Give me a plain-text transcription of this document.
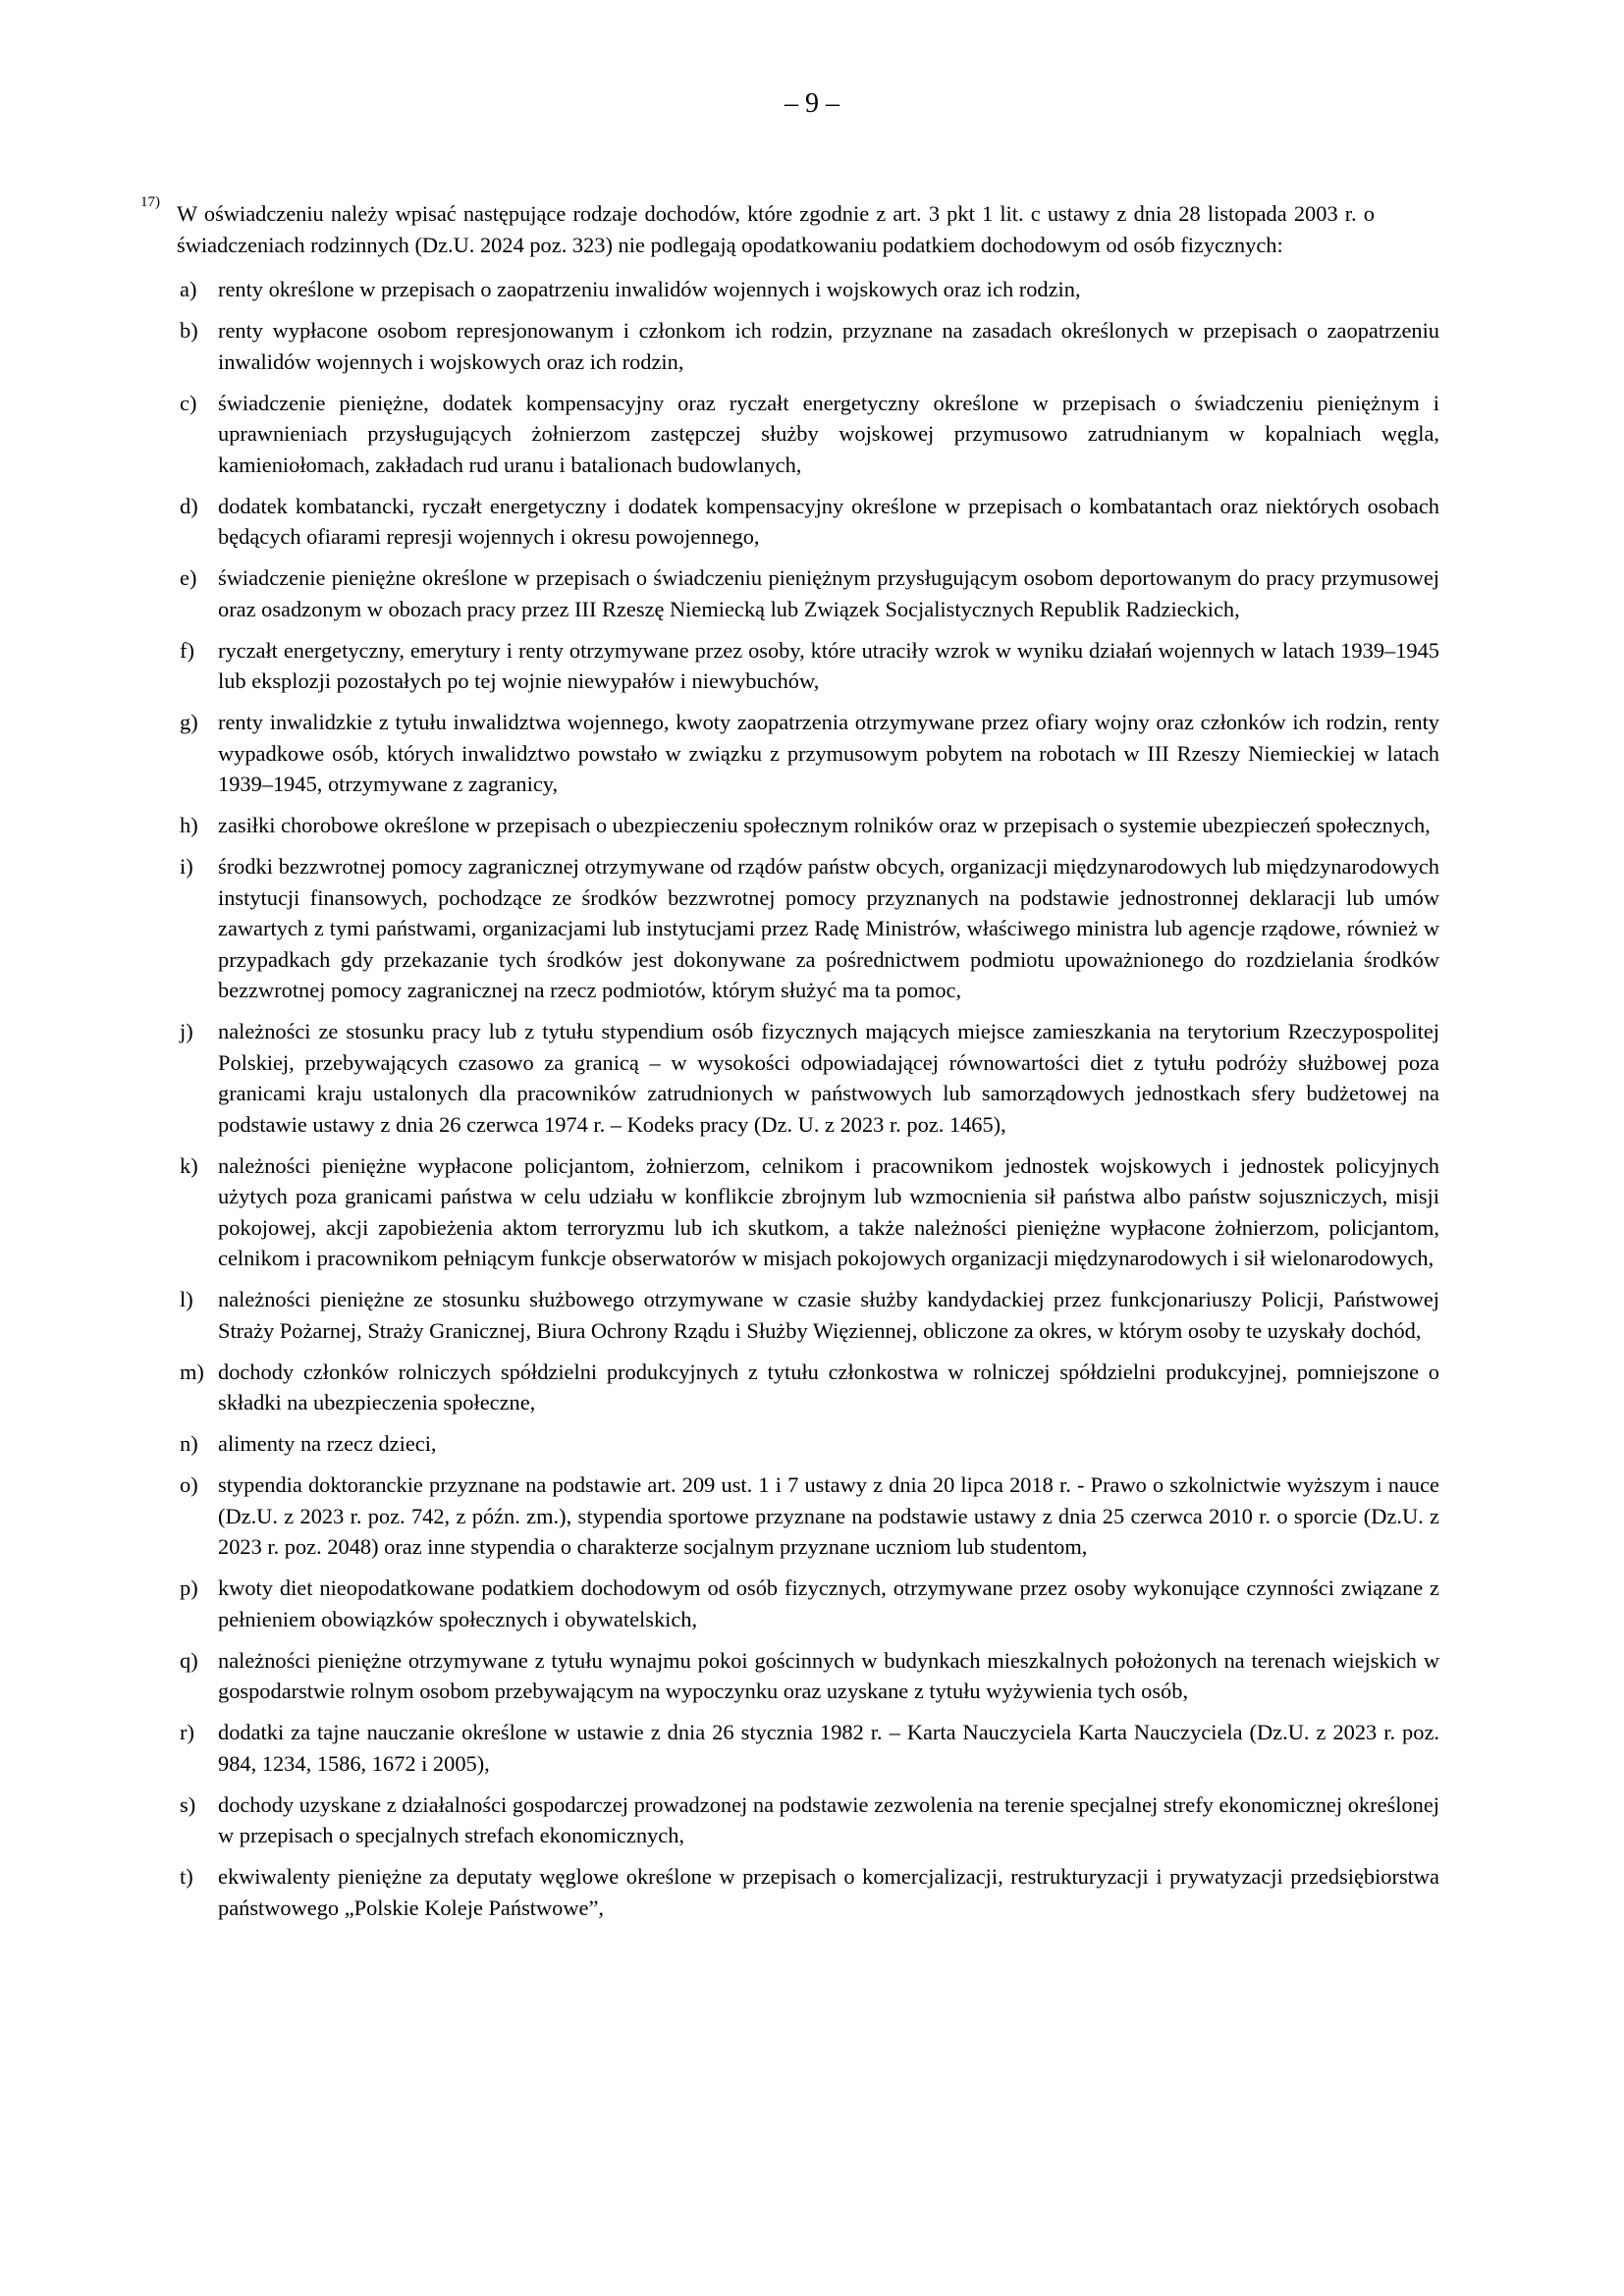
– 9 –

17) W oświadczeniu należy wpisać następujące rodzaje dochodów, które zgodnie z art. 3 pkt 1 lit. c ustawy z dnia 28 listopada 2003 r. o świadczeniach rodzinnych (Dz.U. 2024 poz. 323) nie podlegają opodatkowaniu podatkiem dochodowym od osób fizycznych:

a) renty określone w przepisach o zaopatrzeniu inwalidów wojennych i wojskowych oraz ich rodzin,
b) renty wypłacone osobom represjonowanym i członkom ich rodzin, przyznane na zasadach określonych w przepisach o zaopatrzeniu inwalidów wojennych i wojskowych oraz ich rodzin,
c) świadczenie pieniężne, dodatek kompensacyjny oraz ryczałt energetyczny określone w przepisach o świadczeniu pieniężnym i uprawnieniach przysługujących żołnierzom zastępczej służby wojskowej przymusowo zatrudnianym w kopalniach węgla, kamieniołomach, zakładach rud uranu i batalionach budowlanych,
d) dodatek kombatancki, ryczałt energetyczny i dodatek kompensacyjny określone w przepisach o kombatantach oraz niektórych osobach będących ofiarami represji wojennych i okresu powojennego,
e) świadczenie pieniężne określone w przepisach o świadczeniu pieniężnym przysługującym osobom deportowanym do pracy przymusowej oraz osadzonym w obozach pracy przez III Rzeszę Niemiecką lub Związek Socjalistycznych Republik Radzieckich,
f) ryczałt energetyczny, emerytury i renty otrzymywane przez osoby, które utraciły wzrok w wyniku działań wojennych w latach 1939–1945 lub eksplozji pozostałych po tej wojnie niewypałów i niewybuchów,
g) renty inwalidzkie z tytułu inwalidztwa wojennego, kwoty zaopatrzenia otrzymywane przez ofiary wojny oraz członków ich rodzin, renty wypadkowe osób, których inwalidztwo powstało w związku z przymusowym pobytem na robotach w III Rzeszy Niemieckiej w latach 1939–1945, otrzymywane z zagranicy,
h) zasiłki chorobowe określone w przepisach o ubezpieczeniu społecznym rolników oraz w przepisach o systemie ubezpieczeń społecznych,
i) środki bezzwrotnej pomocy zagranicznej otrzymywane od rządów państw obcych, organizacji międzynarodowych lub międzynarodowych instytucji finansowych, pochodzące ze środków bezzwrotnej pomocy przyznanych na podstawie jednostronnej deklaracji lub umów zawartych z tymi państwami, organizacjami lub instytucjami przez Radę Ministrów, właściwego ministra lub agencje rządowe, również w przypadkach gdy przekazanie tych środków jest dokonywane za pośrednictwem podmiotu upoważnionego do rozdzielania środków bezzwrotnej pomocy zagranicznej na rzecz podmiotów, którym służyć ma ta pomoc,
j) należności ze stosunku pracy lub z tytułu stypendium osób fizycznych mających miejsce zamieszkania na terytorium Rzeczypospolitej Polskiej, przebywających czasowo za granicą – w wysokości odpowiadającej równowartości diet z tytułu podróży służbowej poza granicami kraju ustalonych dla pracowników zatrudnionych w państwowych lub samorządowych jednostkach sfery budżetowej na podstawie ustawy z dnia 26 czerwca 1974 r. – Kodeks pracy (Dz. U. z 2023 r. poz. 1465),
k) należności pieniężne wypłacone policjantom, żołnierzom, celnikom i pracownikom jednostek wojskowych i jednostek policyjnych użytych poza granicami państwa w celu udziału w konflikcie zbrojnym lub wzmocnienia sił państwa albo państw sojuszniczych, misji pokojowej, akcji zapobieżenia aktom terroryzmu lub ich skutkom, a także należności pieniężne wypłacone żołnierzom, policjantom, celnikom i pracownikom pełniącym funkcje obserwatorów w misjach pokojowych organizacji międzynarodowych i sił wielonarodowych,
l) należności pieniężne ze stosunku służbowego otrzymywane w czasie służby kandydackiej przez funkcjonariuszy Policji, Państwowej Straży Pożarnej, Straży Granicznej, Biura Ochrony Rządu i Służby Więziennej, obliczone za okres, w którym osoby te uzyskały dochód,
m) dochody członków rolniczych spółdzielni produkcyjnych z tytułu członkostwa w rolniczej spółdzielni produkcyjnej, pomniejszone o składki na ubezpieczenia społeczne,
n) alimenty na rzecz dzieci,
o) stypendia doktoranckie przyznane na podstawie art. 209 ust. 1 i 7 ustawy z dnia 20 lipca 2018 r. - Prawo o szkolnictwie wyższym i nauce (Dz.U. z 2023 r. poz. 742, z późn. zm.), stypendia sportowe przyznane na podstawie ustawy z dnia 25 czerwca 2010 r. o sporcie (Dz.U. z 2023 r. poz. 2048) oraz inne stypendia o charakterze socjalnym przyznane uczniom lub studentom,
p) kwoty diet nieopodatkowane podatkiem dochodowym od osób fizycznych, otrzymywane przez osoby wykonujące czynności związane z pełnieniem obowiązków społecznych i obywatelskich,
q) należności pieniężne otrzymywane z tytułu wynajmu pokoi gościnnych w budynkach mieszkalnych położonych na terenach wiejskich w gospodarstwie rolnym osobom przebywającym na wypoczynku oraz uzyskane z tytułu wyżywienia tych osób,
r) dodatki za tajne nauczanie określone w ustawie z dnia 26 stycznia 1982 r. – Karta Nauczyciela Karta Nauczyciela (Dz.U. z 2023 r. poz. 984, 1234, 1586, 1672 i 2005),
s) dochody uzyskane z działalności gospodarczej prowadzonej na podstawie zezwolenia na terenie specjalnej strefy ekonomicznej określonej w przepisach o specjalnych strefach ekonomicznych,
t) ekwiwalenty pieniężne za deputaty węglowe określone w przepisach o komercjalizacji, restrukturyzacji i prywatyzacji przedsiębiorstwa państwowego „Polskie Koleje Państwowe”,
